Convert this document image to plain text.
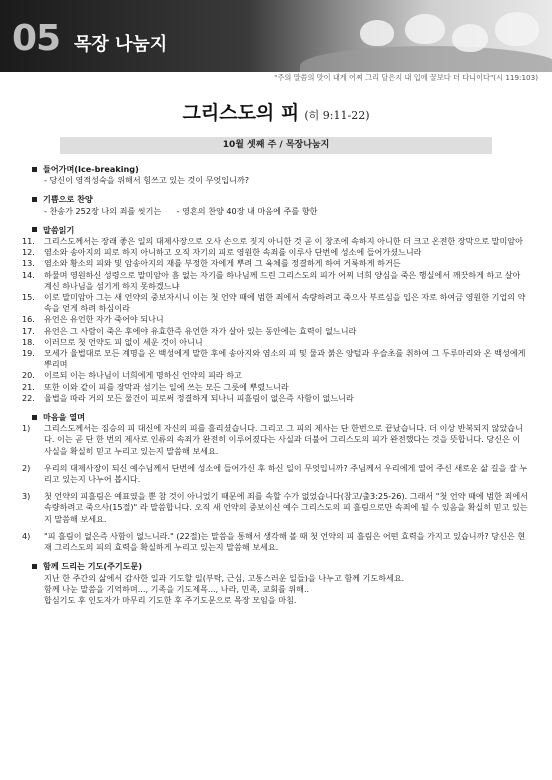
05 목장 나눔지
"주의 말씀의 맛이 내게 어찌 그리 달은지 내 입에 꿀보다 더 다니이다"(시 119:103)
그리스도의 피 (히 9:11-22)
10월 셋째 주 / 목장나눔지
들어가며(Ice-breaking)
- 당신이 영적성숙을 위해서 힘쓰고 있는 것이 무엇입니까?
기쁨으로 찬양
- 찬송가 252장 나의 죄를 씻기는      - 영혼의 찬양 40장 내 마음에 주를 향한
말씀읽기
11.	그리스도께서는 장래 좋은 일의 대제사장으로 오사 손으로 짓지 아니한 것 곧 이 창조에 속하지 아니한 더 크고 온전한 장막으로 말미암아
12.	염소와 송아지의 피로 하지 아니하고 오직 자기의 피로 영원한 속죄를 이루사 단번에 성소에 들어가셨느니라
13.	염소와 황소의 피와 및 암송아지의 재를 부정한 자에게 뿌려 그 육체를 정결하게 하여 거룩하게 하거든
14.	하물며 영원하신 성령으로 말미암아 흠 없는 자기를 하나님께 드린 그리스도의 피가 어찌 너희 양심을 죽은 행실에서 깨끗하게 하고 살아 계신 하나님을 섬기게 하지 못하겠느냐
15.	이로 말미암아 그는 새 언약의 중보자시니 이는 첫 언약 때에 범한 죄에서 속량하려고 죽으사 부르심을 입은 자로 하여금 영원한 기업의 약속을 얻게 하려 하심이라
16.	유언은 유언한 자가 죽어야 되나니
17.	유언은 그 사람이 죽은 후에야 유효한즉 유언한 자가 살아 있는 동안에는 효력이 없느니라
18.	이러므로 첫 언약도 피 없이 세운 것이 아니니
19.	모세가 율법대로 모든 계명을 온 백성에게 말한 후에 송아지와 염소의 피 및 물과 붉은 양털과 우슬초를 취하여 그 두루마리와 온 백성에게 뿌리며
20.	이르되 이는 하나님이 너희에게 명하신 언약의 피라 하고
21.	또한 이와 같이 피를 장막과 섬기는 일에 쓰는 모든 그릇에 뿌렸느니라
22.	율법을 따라 거의 모든 물건이 피로써 정결하게 되나니 피흘림이 없은즉 사함이 없느니라
마음을 열며
1)	그리스도께서는 짐승의 피 대신에 자신의 피를 흘리셨습니다. 그리고 그 피의 제사는 단 한번으로 끝났습니다. 더 이상 반복되지 않았습니다. 이는 곧 단 한 번의 제사로 인류의 속죄가 완전히 이루어졌다는 사실과 더불어 그리스도의 피가 완전했다는 것을 뜻합니다. 당신은 이 사실을 확실히 믿고 누리고 있는지 말씀해 보세요.
2)	우리의 대제사장이 되신 예수님께서 단번에 성소에 들어가신 후 하신 일이 무엇입니까? 주님께서 우리에게 열어 주신 새로운 삶 길을 잘 누리고 있는지 나누어 봅시다.
3)	첫 언약의 피흘림은 예표였을 뿐 참 것이 아니었기 때문에 죄를 속할 수가 없었습니다(참고/출3:25-26). 그래서 "첫 언약 때에 범한 죄에서 속량하려고 죽으사(15절)" 라 말씀합니다. 오직 새 언약의 중보이신 예수 그리스도의 피 흘림으로만 속죄에 될 수 있음을 확실히 믿고 있는지 말씀해 보세요.
4)	"피 흘림이 없은즉 사함이 없느니라." (22절)는 말씀을 통해서 생각해 볼 때 첫 언약의 피 흘림은 어떤 효력을 가지고 있습니까? 당신은 현재 그리스도의 피의 효력을 확실하게 누리고 있는지 말씀해 보세요.
함께 드리는 기도(주기도문)
지난 한 주간의 삶에서 감사한 일과 기도할 일(부탁, 근심, 고통스러운 일들)을 나누고 함께 기도하세요.
함께 나눈 말씀을 기억하며..., 기족을 기도제목..., 나라, 민족, 교회를 위해..
합심기도 후 인도자가 마무리 기도한 후 주기도문으로 목장 모임을 마침.
